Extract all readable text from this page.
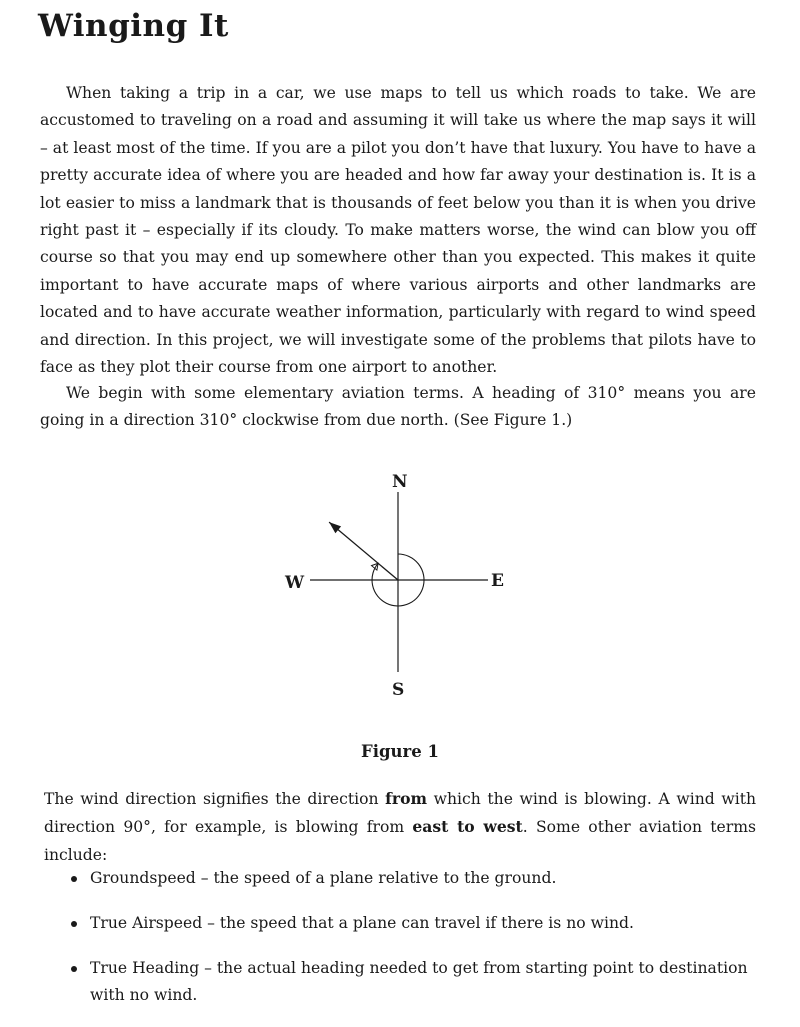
Winging It

When taking a trip in a car, we use maps to tell us which roads to take. We are accustomed to traveling on a road and assuming it will take us where the map says it will – at least most of the time. If you are a pilot you don’t have that luxury. You have to have a pretty accurate idea of where you are headed and how far away your destination is. It is a lot easier to miss a landmark that is thousands of feet below you than it is when you drive right past it – especially if its cloudy. To make matters worse, the wind can blow you off course so that you may end up somewhere other than you expected. This makes it quite important to have accurate maps of where various airports and other landmarks are located and to have accurate weather information, particularly with regard to wind speed and direction. In this project, we will investigate some of the problems that pilots have to face as they plot their course from one airport to another.

We begin with some elementary aviation terms. A heading of 310° means you are going in a direction 310° clockwise from due north. (See Figure 1.)

N
S
E
W

Figure 1

The wind direction signifies the direction from which the wind is blowing. A wind with direction 90°, for example, is blowing from east to west. Some other aviation terms include:

Groundspeed – the speed of a plane relative to the ground.
True Airspeed – the speed that a plane can travel if there is no wind.
True Heading – the actual heading needed to get from starting point to destination with no wind.
